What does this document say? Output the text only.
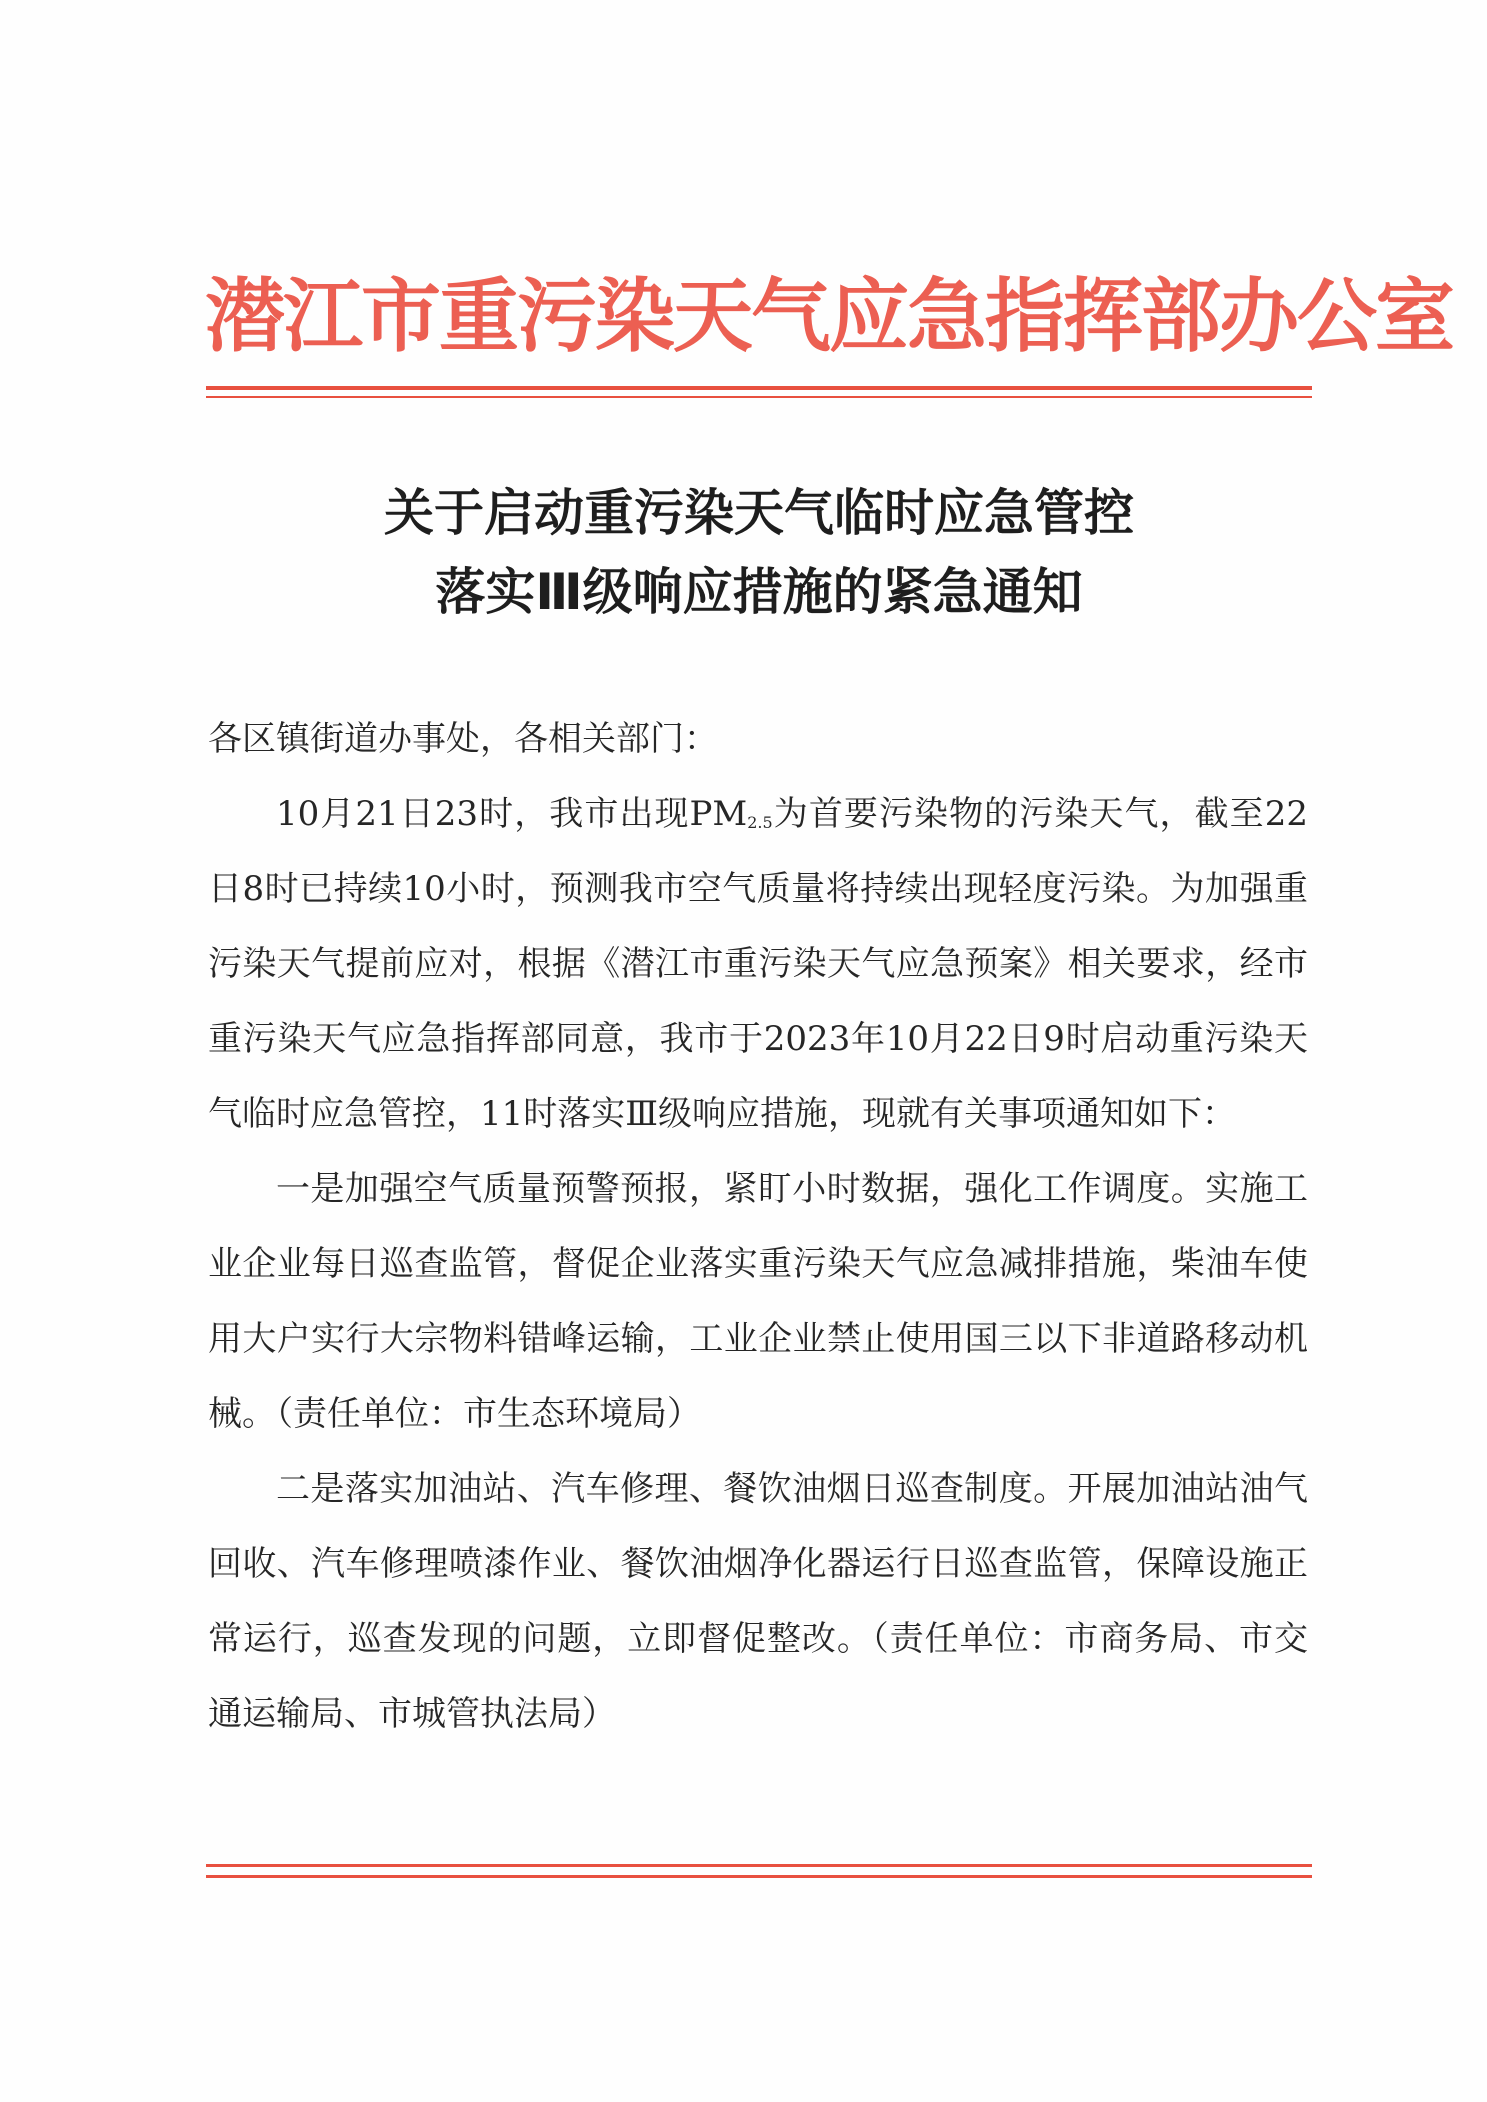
潜江市重污染天气应急指挥部办公室
关于启动重污染天气临时应急管控
落实Ⅲ级响应措施的紧急通知

各区镇街道办事处，各相关部门：

10月21日23时，我市出现$PM_{2.5}$为首要污染物的污染天气，截至22日8时已持续10小时，预测我市空气质量将持续出现轻度污染。为加强重污染天气提前应对，根据《潜江市重污染天气应急预案》相关要求，经市重污染天气应急指挥部同意，我市于2023年10月22日9时启动重污染天气临时应急管控，11时落实Ⅲ级响应措施，现就有关事项通知如下：

一是加强空气质量预警预报，紧盯小时数据，强化工作调度。实施工业企业每日巡查监管，督促企业落实重污染天气应急减排措施，柴油车使用大户实行大宗物料错峰运输，工业企业禁止使用国三以下非道路移动机械。（责任单位：市生态环境局）

二是落实加油站、汽车修理、餐饮油烟日巡查制度。开展加油站油气回收、汽车修理喷漆作业、餐饮油烟净化器运行日巡查监管，保障设施正常运行，巡查发现的问题，立即督促整改。（责任单位：市商务局、市交通运输局、市城管执法局）
